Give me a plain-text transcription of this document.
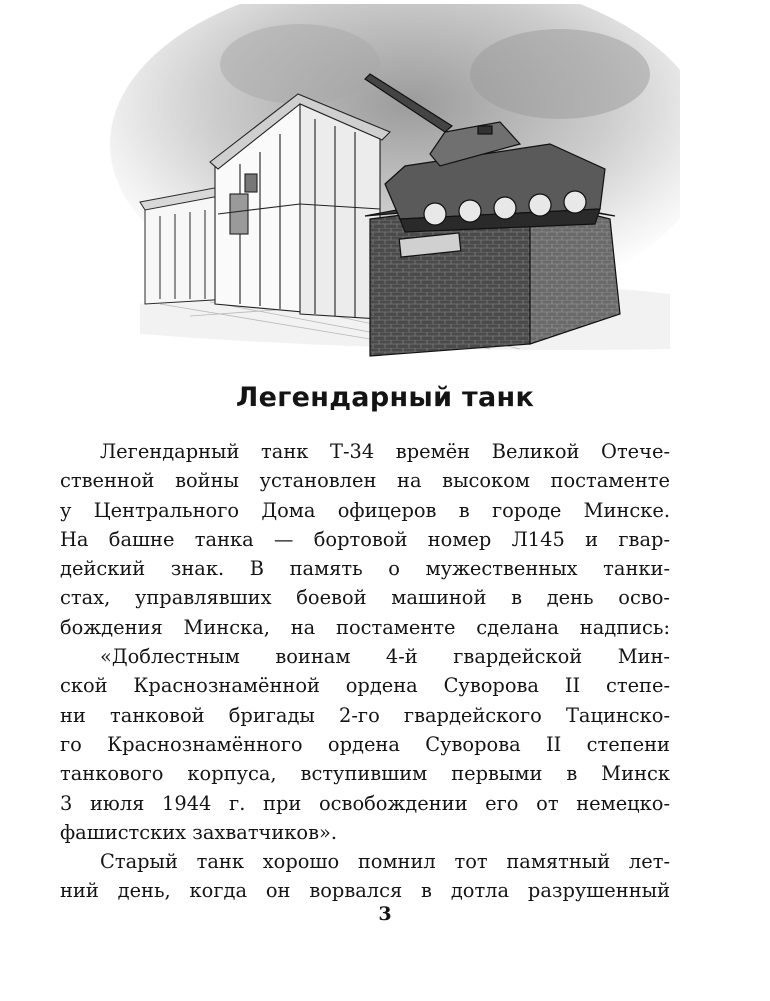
Легендарный танк
Легендарный танк Т-34 времён Великой Отече-
ственной войны установлен на высоком постаменте
у Центрального Дома офицеров в городе Минске.
На башне танка — бортовой номер Л145 и гвар-
дейский знак. В память о мужественных танки-
стах, управлявших боевой машиной в день осво-
бождения Минска, на постаменте сделана надпись:
«Доблестным воинам 4-й гвардейской Мин-
ской Краснознамённой ордена Суворова II степе-
ни танковой бригады 2-го гвардейского Тацинско-
го Краснознамённого ордена Суворова II степени
танкового корпуса, вступившим первыми в Минск
3 июля 1944 г. при освобождении его от немецко-
фашистских захватчиков».
Старый танк хорошо помнил тот памятный лет-
ний день, когда он ворвался в дотла разрушенный
3
